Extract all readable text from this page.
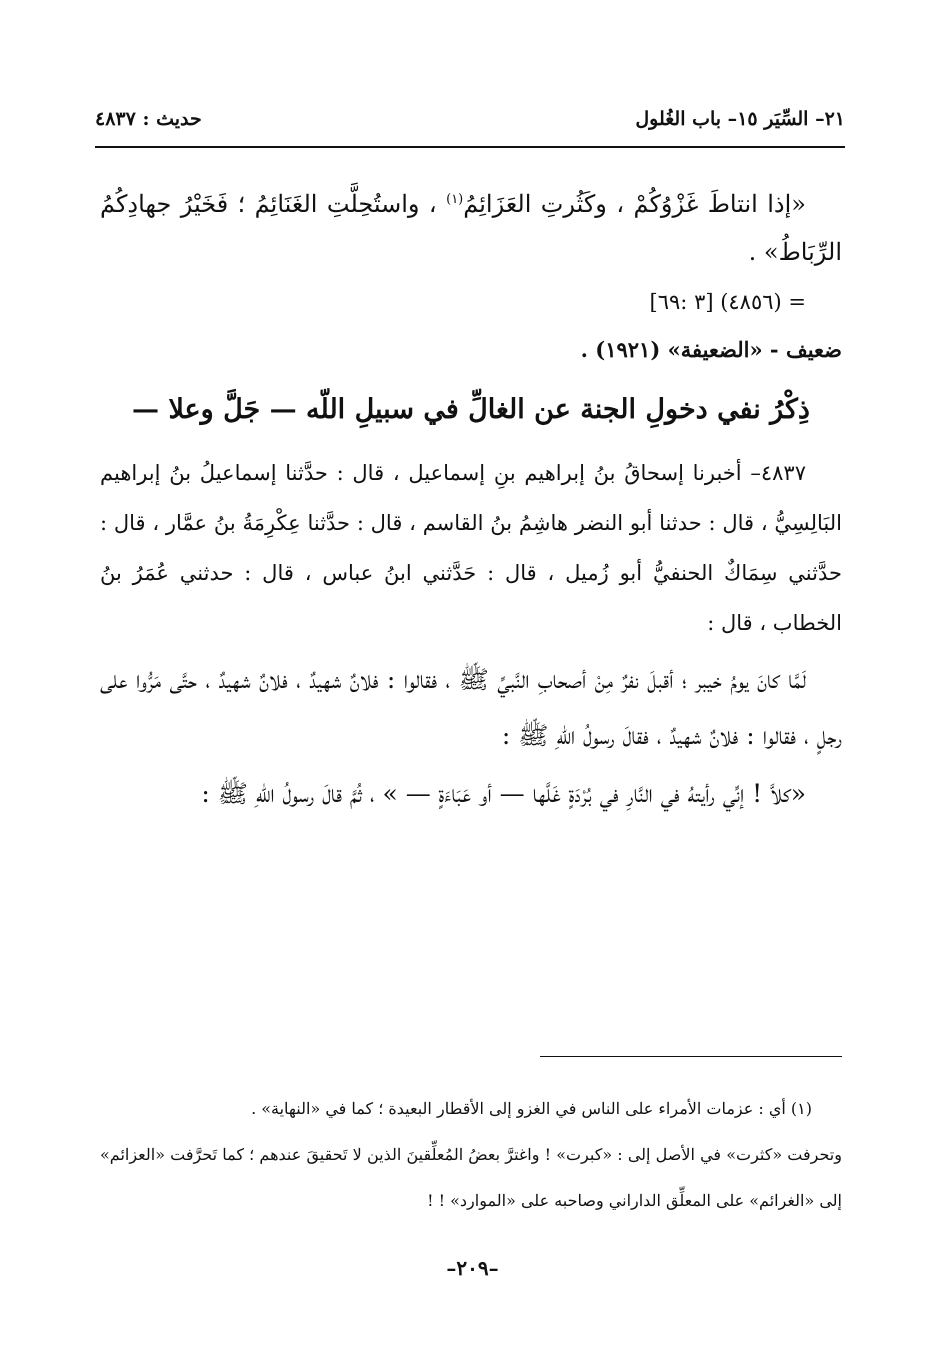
٢١– السِّيَر ١٥– باب الغُلول
حديث : ٤٨٣٧

«إذا انتاطَ غَزْوُكُمْ ، وكَثُرتِ العَزَائِمُ$^{(١)}$ ، واستُحِلَّتِ الغَنَائِمُ ؛ فَخَيْرُ جهادِكُمُ الرِّبَاطُ» .

= (٤٨٥٦) [٣ :٦٩]

ضعيف - «الضعيفة» (١٩٢١) .

ذِكْرُ نفي دخولِ الجنة عن الغالِّ في سبيلِ اللّه — جَلَّ وعلا —

٤٨٣٧– أخبرنا إسحاقُ بنُ إبراهيم بنِ إسماعيل ، قال : حدَّثنا إسماعيلُ بنُ إبراهيم البَالِسِيُّ ، قال : حدثنا أبو النضر هاشِمُ بنُ القاسم ، قال : حدَّثنا عِكْرِمَةُ بنُ عمَّار ، قال : حدَّثني سِمَاكٌ الحنفيُّ أبو زُميل ، قال : حَدَّثني ابنُ عباس ، قال : حدثني عُمَرُ بنُ الخطاب ، قال :

لَمَّا كانَ يومُ خيبر ؛ أقبلَ نفرٌ مِنْ أصحابِ النَّبيِّ ﷺ ، فقالوا : فلانٌ شهيدٌ ، فلانٌ شهيدٌ ، حتَّى مَرُّوا على رجلٍ ، فقالوا : فلانٌ شهيدٌ ، فقالَ رسولُ اللّهِ ﷺ :

«كلاَّ ! إنِّي رأيتهُ في النَّارِ في بُرْدَةٍ غَلَّها — أو عَبَاءَةٍ — » ، ثُمَّ قالَ رسولُ اللّهِ ﷺ :

(١) أي : عزمات الأمراء على الناس في الغزو إلى الأقطار البعيدة ؛ كما في «النهاية» .

وتحرفت «كثرت» في الأصل إلى : «كبرت» ! واغترَّ بعضُ المُعلِّقينَ الذين لا تَحقيقَ عندهم ؛ كما تَحرَّفت «العزائم» إلى «الغرائم» على المعلِّق الداراني وصاحبه على «الموارد» ! !

–٢٠٩–
